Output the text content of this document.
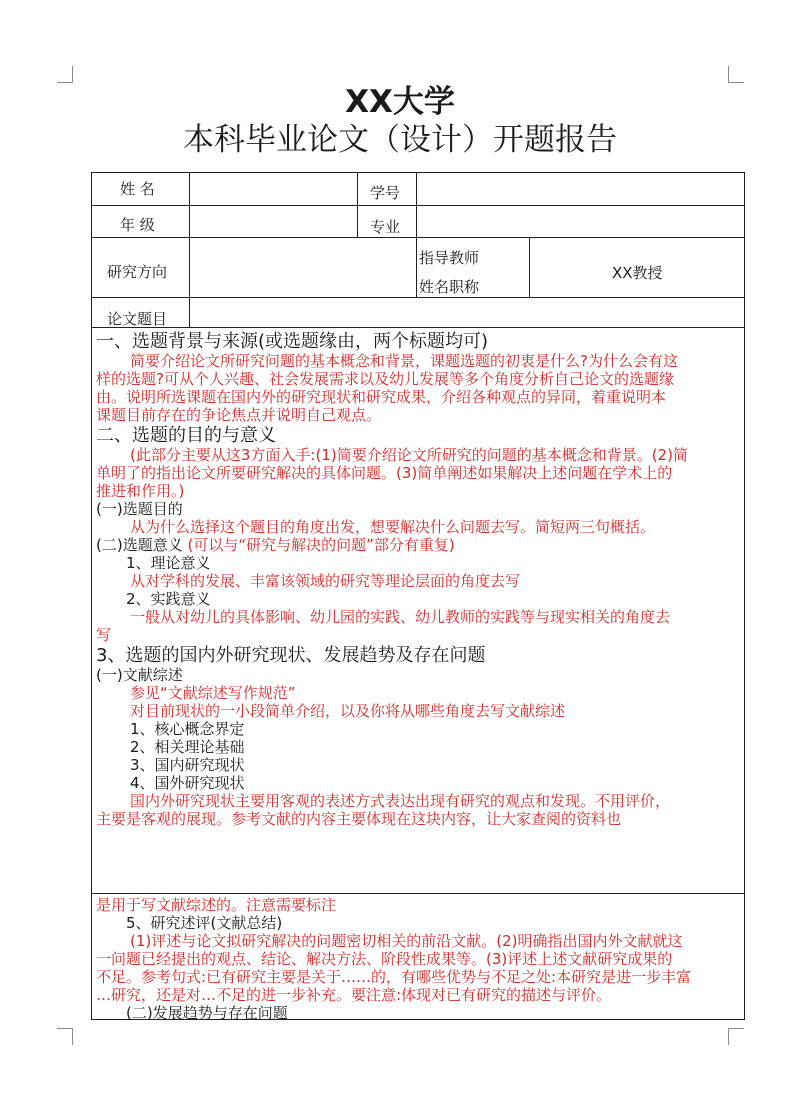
XX大学
本科毕业论文（设计）开题报告
姓 名	学号
年 级	专业
研究方向
指导教师
姓名职称
XX教授
论文题目
一、选题背景与来源(或选题缘由，两个标题均可)
简要介绍论文所研究问题的基本概念和背景，课题选题的初衷是什么?为什么会有这
样的选题?可从个人兴趣、社会发展需求以及幼儿发展等多个角度分析自己论文的选题缘
由。说明所选课题在国内外的研究现状和研究成果，介绍各种观点的异同，着重说明本
课题目前存在的争论焦点并说明自己观点。
二、选题的目的与意义
(此部分主要从这3方面入手:(1)简要介绍论文所研究的问题的基本概念和背景。(2)简
单明了的指出论文所要研究解决的具体问题。(3)简单阐述如果解决上述问题在学术上的
推进和作用。)
(一)选题目的
从为什么选择这个题目的角度出发，想要解决什么问题去写。简短两三句概括。
(二)选题意义 (可以与“研究与解决的问题”部分有重复)
1、理论意义
从对学科的发展、丰富该领域的研究等理论层面的角度去写
2、实践意义
一般从对幼儿的具体影响、幼儿园的实践、幼儿教师的实践等与现实相关的角度去
写
3、选题的国内外研究现状、发展趋势及存在问题
(一)文献综述
参见“文献综述写作规范”
对目前现状的一小段简单介绍，以及你将从哪些角度去写文献综述
1、核心概念界定
2、相关理论基础
3、国内研究现状
4、国外研究现状
国内外研究现状主要用客观的表述方式表达出现有研究的观点和发现。不用评价，
主要是客观的展现。参考文献的内容主要体现在这块内容，让大家查阅的资料也
是用于写文献综述的。注意需要标注
5、研究述评(文献总结)
(1)评述与论文拟研究解决的问题密切相关的前沿文献。(2)明确指出国内外文献就这
一问题已经提出的观点、结论、解决方法、阶段性成果等。(3)评述上述文献研究成果的
不足。参考句式:已有研究主要是关于……的，有哪些优势与不足之处:本研究是进一步丰富
…研究，还是对…不足的进一步补充。要注意:体现对已有研究的描述与评价。
(二)发展趋势与存在问题
